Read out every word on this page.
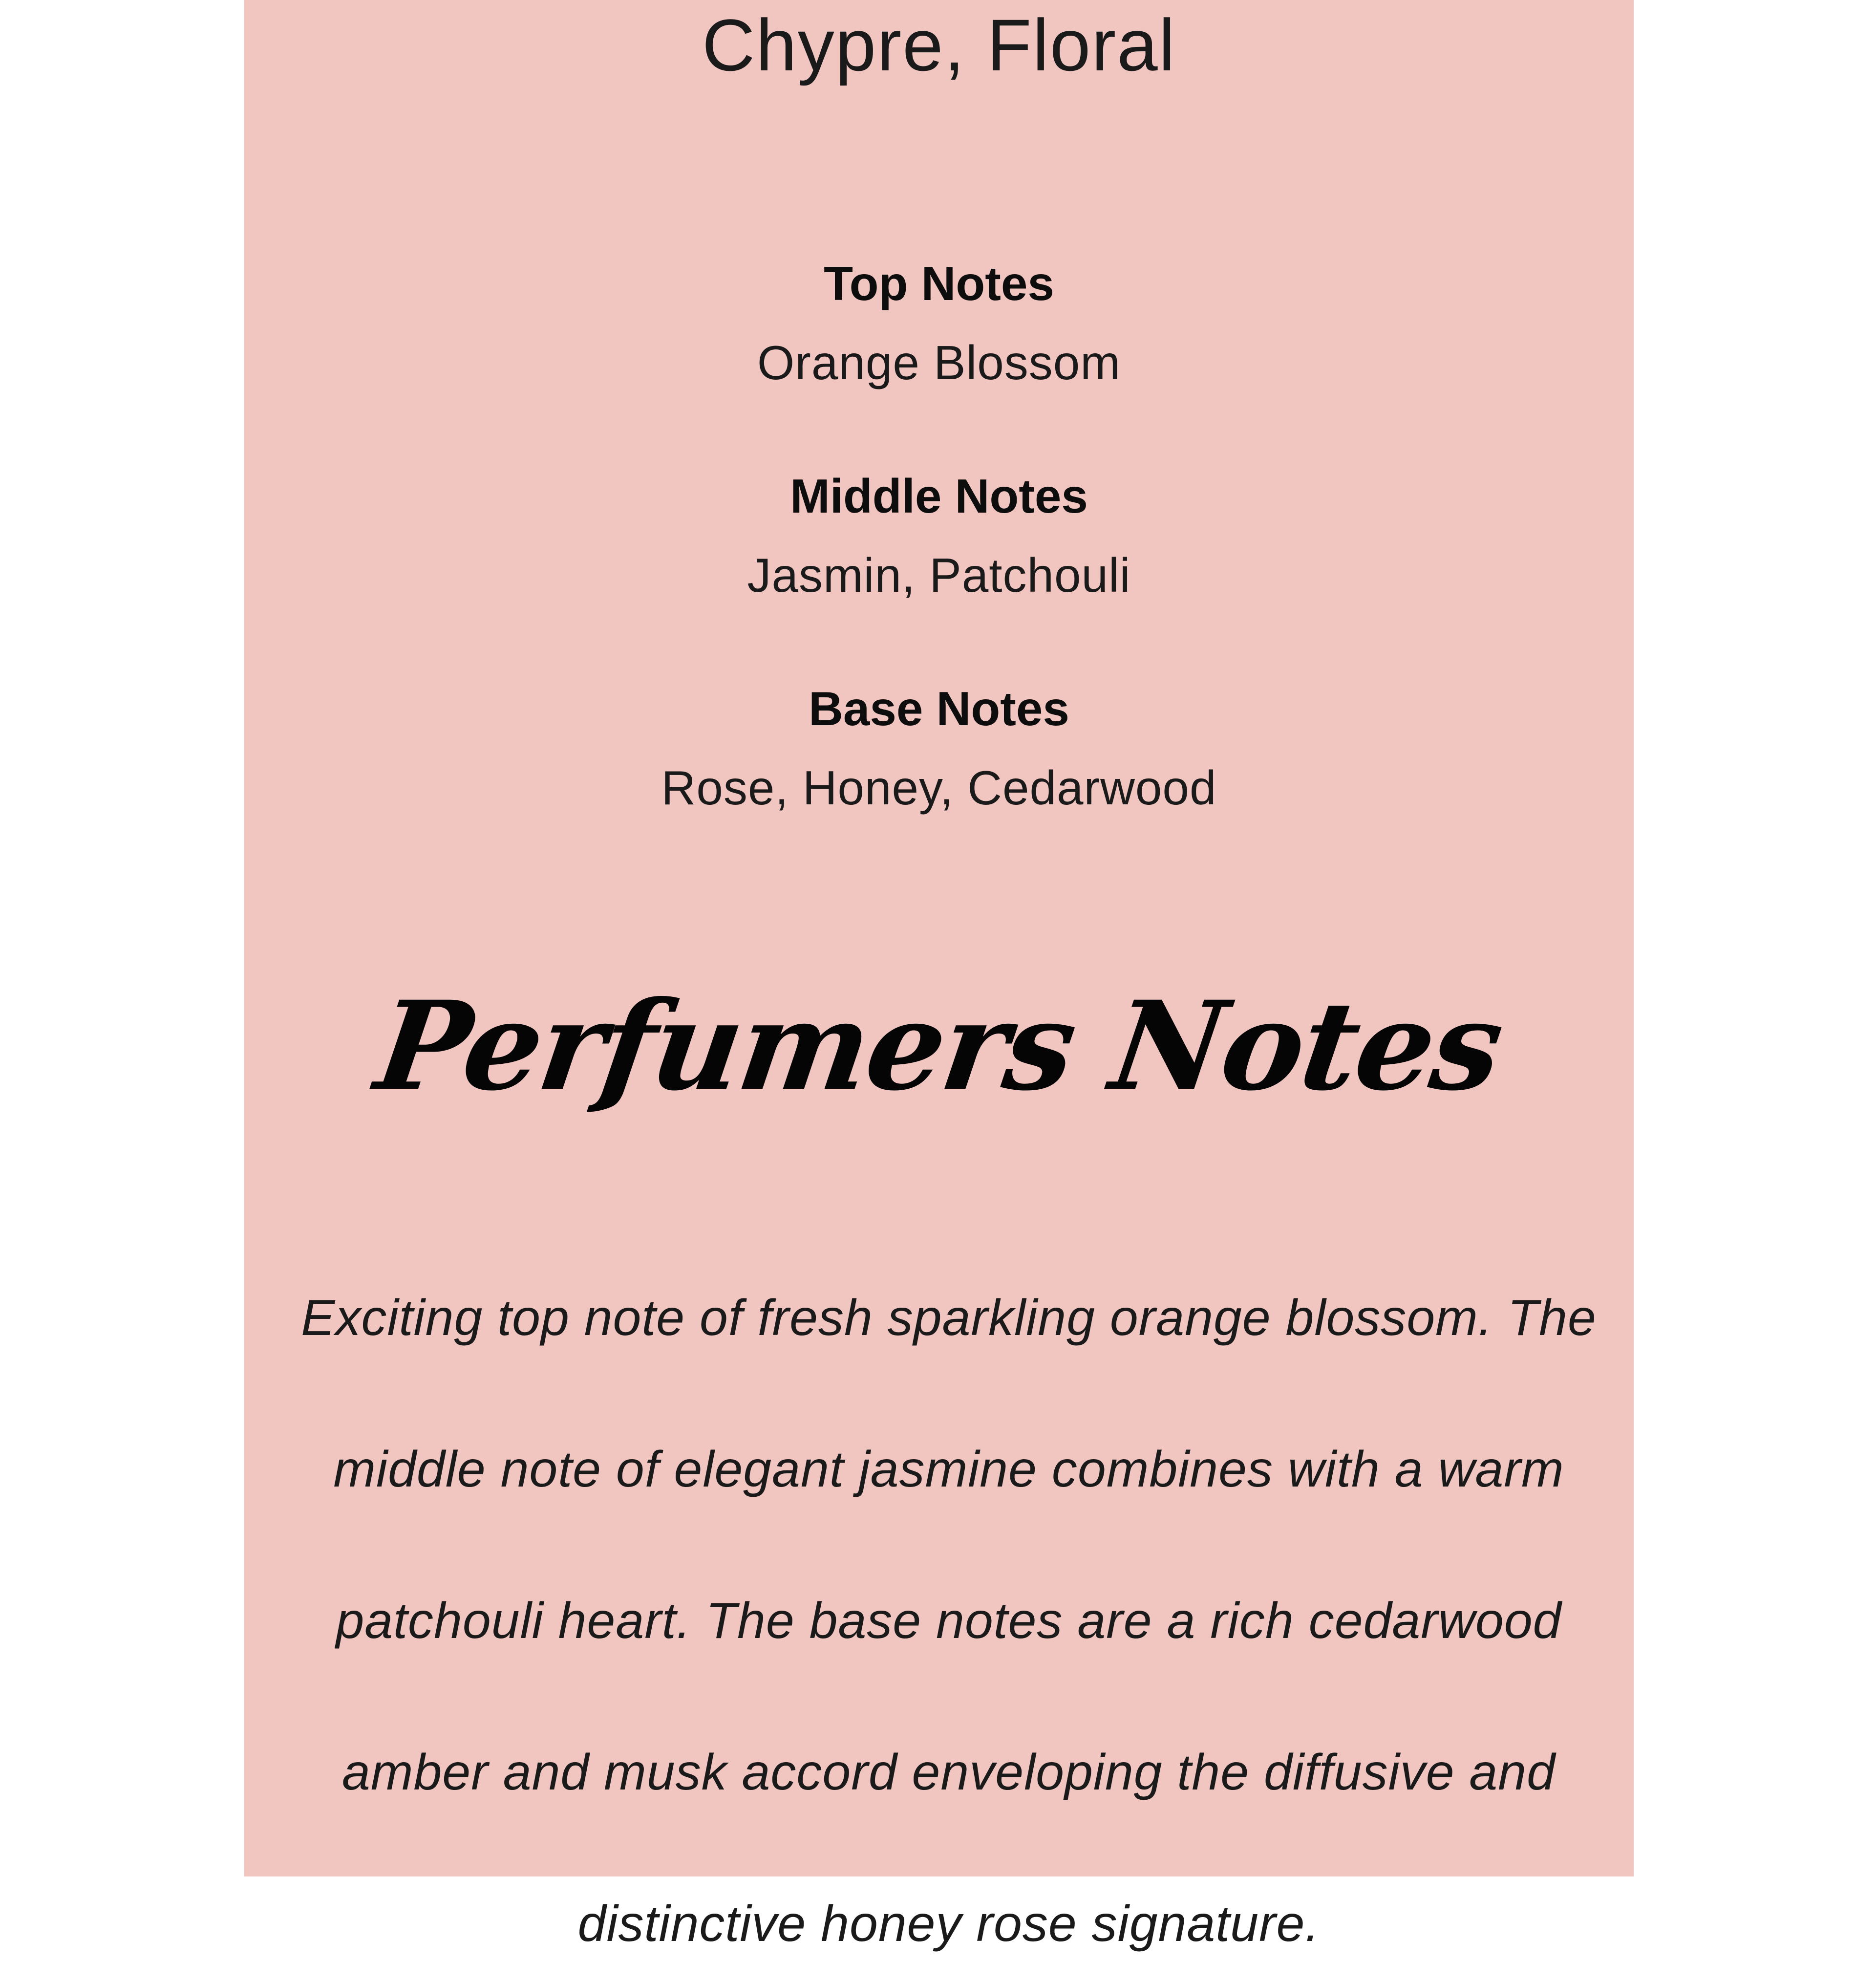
Chypre, Floral
Top Notes
Orange Blossom
Middle Notes
Jasmin, Patchouli
Base Notes
Rose, Honey, Cedarwood
Perfumers Notes

Exciting top note of fresh sparkling orange blossom. The

middle note of elegant jasmine combines with a warm

patchouli heart. The base notes are a rich cedarwood

amber and musk accord enveloping the diffusive and

distinctive honey rose signature.
